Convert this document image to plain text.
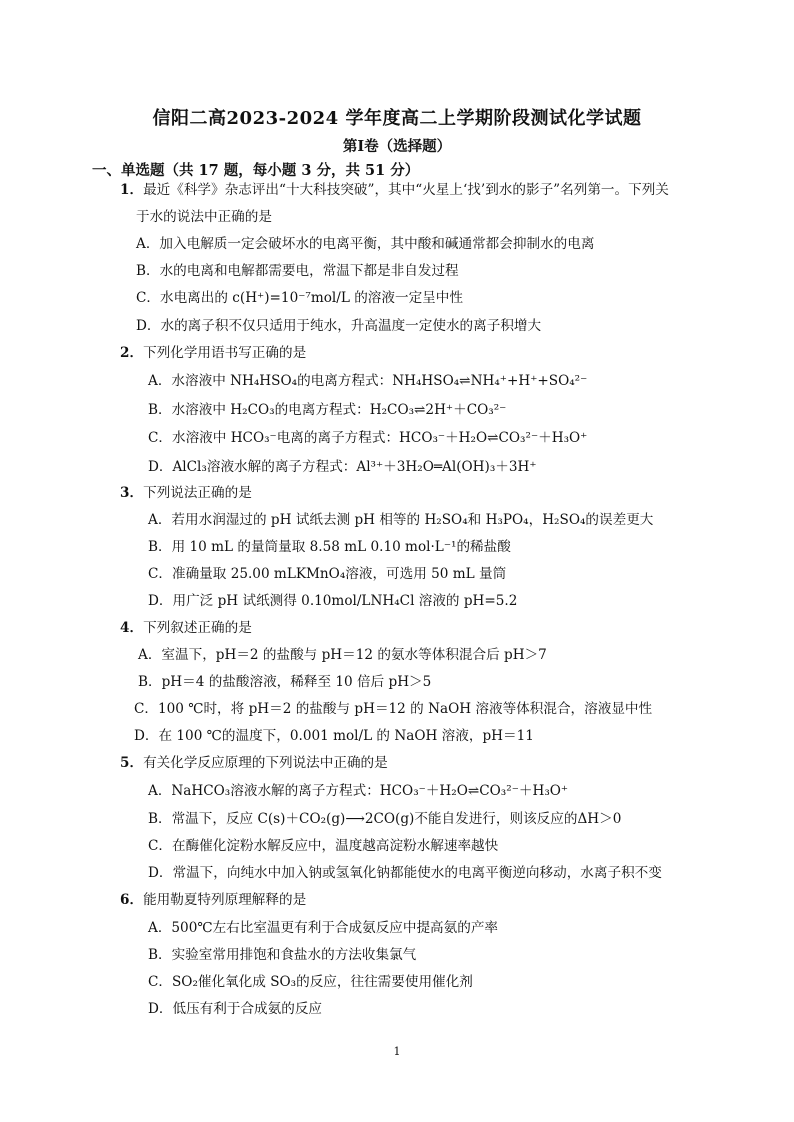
信阳二高2023-2024 学年度高二上学期阶段测试化学试题
第Ⅰ卷（选择题）
一、单选题（共 17 题，每小题 3 分，共 51 分）
1．最近《科学》杂志评出“十大科技突破”，其中“火星上‘找’到水的影子”名列第一。下列关
于水的说法中正确的是
A．加入电解质一定会破坏水的电离平衡，其中酸和碱通常都会抑制水的电离
B．水的电离和电解都需要电，常温下都是非自发过程
C．水电离出的 c(H⁺)=10⁻⁷mol/L 的溶液一定呈中性
D．水的离子积不仅只适用于纯水，升高温度一定使水的离子积增大
2．下列化学用语书写正确的是
A．水溶液中 NH₄HSO₄的电离方程式：NH₄HSO₄⇌NH₄⁺+H⁺+SO₄²⁻
B．水溶液中 H₂CO₃的电离方程式：H₂CO₃⇌2H⁺＋CO₃²⁻
C．水溶液中 HCO₃⁻电离的离子方程式：HCO₃⁻＋H₂O⇌CO₃²⁻＋H₃O⁺
D．AlCl₃溶液水解的离子方程式：Al³⁺＋3H₂O═Al(OH)₃＋3H⁺
3．下列说法正确的是
A．若用水润湿过的 pH 试纸去测 pH 相等的 H₂SO₄和 H₃PO₄，H₂SO₄的误差更大
B．用 10 mL 的量筒量取 8.58 mL 0.10 mol·L⁻¹的稀盐酸
C．准确量取 25.00 mLKMnO₄溶液，可选用 50 mL 量筒
D．用广泛 pH 试纸测得 0.10mol/LNH₄Cl 溶液的 pH=5.2
4．下列叙述正确的是
A．室温下，pH＝2 的盐酸与 pH＝12 的氨水等体积混合后 pH＞7
B．pH＝4 的盐酸溶液，稀释至 10 倍后 pH＞5
C．100 ℃时，将 pH＝2 的盐酸与 pH＝12 的 NaOH 溶液等体积混合，溶液显中性
D．在 100 ℃的温度下，0.001 mol/L 的 NaOH 溶液，pH＝11
5．有关化学反应原理的下列说法中正确的是
A．NaHCO₃溶液水解的离子方程式：HCO₃⁻＋H₂O⇌CO₃²⁻＋H₃O⁺
B．常温下，反应 C(s)＋CO₂(g)⟶2CO(g)不能自发进行，则该反应的ΔH＞0
C．在酶催化淀粉水解反应中，温度越高淀粉水解速率越快
D．常温下，向纯水中加入钠或氢氧化钠都能使水的电离平衡逆向移动，水离子积不变
6．能用勒夏特列原理解释的是
A．500℃左右比室温更有利于合成氨反应中提高氨的产率
B．实验室常用排饱和食盐水的方法收集氯气
C．SO₂催化氧化成 SO₃的反应，往往需要使用催化剂
D．低压有利于合成氨的反应
1
